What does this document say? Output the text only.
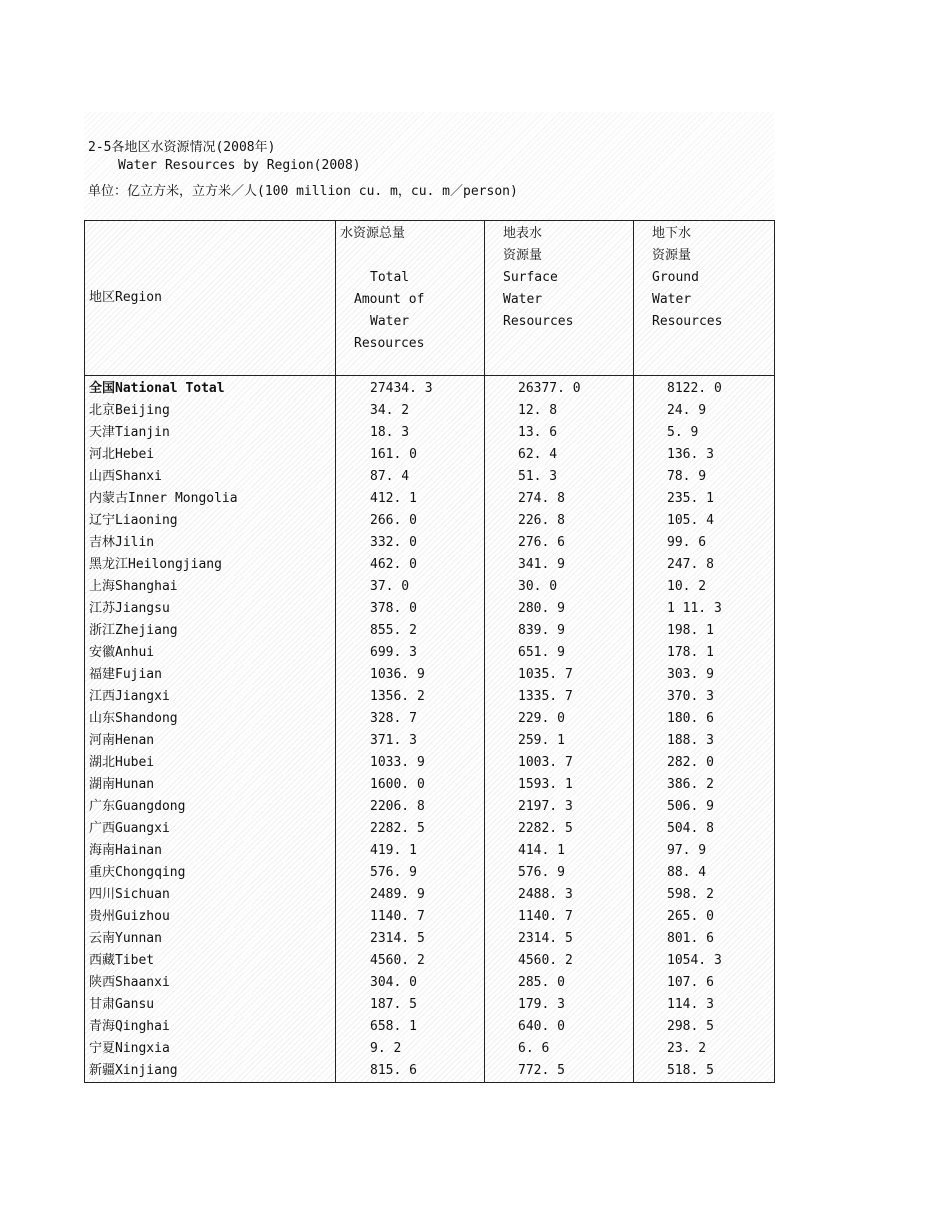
2-5各地区水资源情况(2008年)
Water Resources by Region(2008)
单位：亿立方米，立方米／人(100 million cu. m，cu. m／person)
地区Region	水资源总量

Total
Amount of
Water
Resources	地表水
资源量
Surface
Water
Resources	地下水
资源量
Ground
Water
Resources

全国National Total	27434. 3	26377. 0	8122. 0
北京Beijing	34. 2	12. 8	24. 9
天津Tianjin	18. 3	13. 6	5. 9
河北Hebei	161. 0	62. 4	136. 3
山西Shanxi	87. 4	51. 3	78. 9
内蒙古Inner Mongolia	412. 1	274. 8	235. 1
辽宁Liaoning	266. 0	226. 8	105. 4
吉林Jilin	332. 0	276. 6	99. 6
黑龙江Heilongjiang	462. 0	341. 9	247. 8
上海Shanghai	37. 0	30. 0	10. 2
江苏Jiangsu	378. 0	280. 9	1 11. 3
浙江Zhejiang	855. 2	839. 9	198. 1
安徽Anhui	699. 3	651. 9	178. 1
福建Fujian	1036. 9	1035. 7	303. 9
江西Jiangxi	1356. 2	1335. 7	370. 3
山东Shandong	328. 7	229. 0	180. 6
河南Henan	371. 3	259. 1	188. 3
湖北Hubei	1033. 9	1003. 7	282. 0
湖南Hunan	1600. 0	1593. 1	386. 2
广东Guangdong	2206. 8	2197. 3	506. 9
广西Guangxi	2282. 5	2282. 5	504. 8
海南Hainan	419. 1	414. 1	97. 9
重庆Chongqing	576. 9	576. 9	88. 4
四川Sichuan	2489. 9	2488. 3	598. 2
贵州Guizhou	1140. 7	1140. 7	265. 0
云南Yunnan	2314. 5	2314. 5	801. 6
西藏Tibet	4560. 2	4560. 2	1054. 3
陕西Shaanxi	304. 0	285. 0	107. 6
甘肃Gansu	187. 5	179. 3	114. 3
青海Qinghai	658. 1	640. 0	298. 5
宁夏Ningxia	9. 2	6. 6	23. 2
新疆Xinjiang	815. 6	772. 5	518. 5
